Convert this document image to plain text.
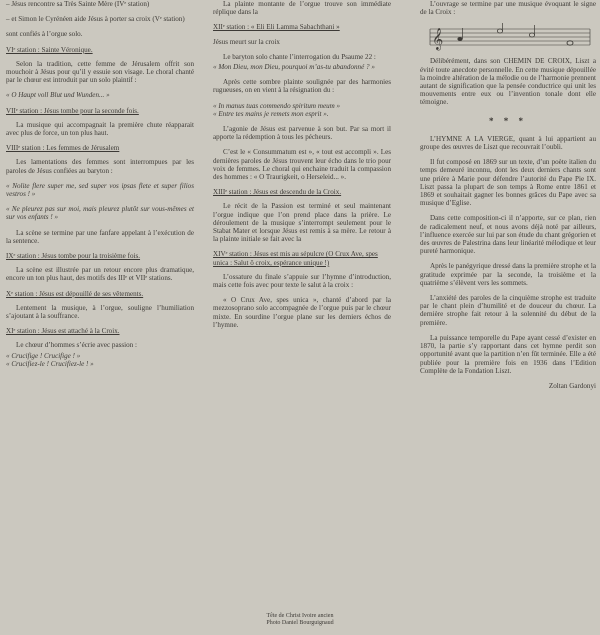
– Jésus rencontre sa Très Sainte Mère (IVᵉ station)

– et Simon le Cyrénéen aide Jésus à porter sa croix (Vᵉ station)

sont confiés à l’orgue solo.

VIᵉ station : Sainte Véronique.

Selon la tradition, cette femme de Jérusalem offrit son mouchoir à Jésus pour qu’il y essuie son visage. Le choral chanté par le chœur est introduit par un solo plaintif :

« O Haupt voll Blut und Wunden... »

VIIᵉ station : Jésus tombe pour la seconde fois.

La musique qui accompagnait la première chute réapparait avec plus de force, un ton plus haut.

VIIIᵉ station : Les femmes de Jérusalem

Les lamentations des femmes sont interrompues par les paroles de Jésus confiées au baryton :

« Nolite flere super me, sed super vos ipsas flete et super filios vestros ! »

« Ne pleurez pas sur moi, mais pleurez plutôt sur vous-mêmes et sur vos enfants ! »

La scène se termine par une fanfare appelant à l’exécution de la sentence.

IXᵉ station : Jésus tombe pour la troisième fois.

La scène est illustrée par un retour encore plus dramatique, encore un ton plus haut, des motifs des IIIᵉ et VIIᵉ stations.

Xᵉ station : Jésus est dépouillé de ses vêtements.

Lentement la musique, à l’orgue, souligne l’humiliation s’ajoutant à la souffrance.

XIᵉ station : Jésus est attaché à la Croix.

Le chœur d’hommes s’écrie avec passion :

« Crucifige ! Crucifige ! »

« Crucifiez-le ! Crucifiez-le ! »

La plainte montante de l’orgue trouve son immédiate réplique dans la

XIIᵉ station : « Eli Eli Lamma Sabachthani »

Jésus meurt sur la croix

Le baryton solo chante l’interrogation du Psaume 22 :

« Mon Dieu, mon Dieu, pourquoi m’as-tu abandonné ? »

Après cette sombre plainte soulignée par des harmonies rugueuses, on en vient à la résignation du :

« In manus tuas commendo spiritum meum »

« Entre tes mains je remets mon esprit ».

L’agonie de Jésus est parvenue à son but. Par sa mort il apporte la rédemption à tous les pécheurs.

C’est le « Consummatum est », « tout est accompli ». Les dernières paroles de Jésus trouvent leur écho dans le trio pour voix de femmes. Le choral qui enchaine traduit la compassion des hommes : « O Traurigkeit, o Herseleid... ».

XIIIᵉ station : Jésus est descendu de la Croix.

Le récit de la Passion est terminé et seul maintenant l’orgue indique que l’on prend place dans la prière. Le déroulement de la musique s’interrompt seulement pour le Stabat Mater et lorsque Jésus est remis à sa mère. Le retour à la plainte initiale se fait avec la

XIVᵉ station : Jésus est mis au sépulcre (O Crux Ave, spes unica : Salut ô croix, espérance unique !)

L’ossature du finale s’appuie sur l’hymne d’introduction, mais cette fois avec pour texte le salut à la croix :

« O Crux Ave, spes unica », chanté d’abord par la mezzosoprano solo accompagnée de l’orgue puis par le chœur mixte. En sourdine l’orgue plane sur les derniers échos de l’hymne.

L’ouvrage se termine par une musique évoquant le signe de la Croix :

𝄞

Délibérément, dans son CHEMIN DE CROIX, Liszt a évité toute anecdote personnelle. En cette musique dépouillée la moindre altération de la mélodie ou de l’harmonie prennent autant de signification que la pensée conductrice qui unit les mouvements entre eux ou l’invention tonale dont elle témoigne.

* * *

L’HYMNE A LA VIERGE, quant à lui appartient au groupe des œuvres de Liszt que recouvrait l’oubli.

Il fut composé en 1869 sur un texte, d’un poète italien du temps demeuré inconnu, dont les deux derniers chants sont une prière à Marie pour défendre l’autorité du Pape Pie IX. Liszt passa la plupart de son temps à Rome entre 1861 et 1869 et souhaitait gagner les bonnes grâces du Pape avec sa musique d’Eglise.

Dans cette composition-ci il n’apporte, sur ce plan, rien de radicalement neuf, et nous avons déjà noté par ailleurs, l’influence exercée sur lui par son étude du chant grégorien et des œuvres de Palestrina dans leur linéarité mélodique et leur pureté harmonique.

Après le panégyrique dressé dans la première strophe et la gratitude exprimée par la seconde, la troisième et la quatrième s’élèvent vers les sommets.

L’anxiété des paroles de la cinquième strophe est traduite par le chant plein d’humilité et de douceur du chœur. La dernière strophe fait retour à la solennité du début de la première.

La puissance temporelle du Pape ayant cessé d’exister en 1870, la partie s’y rapportant dans cet hymne perdit son opportunité avant que la partition n’en fût terminée. Elle a été publiée pour la première fois en 1936 dans l’Edition Complète de la Fondation Liszt.

Zoltan Gardonyi
Tête de Christ Ivoire ancien
Photo Daniel Bourguignaud
